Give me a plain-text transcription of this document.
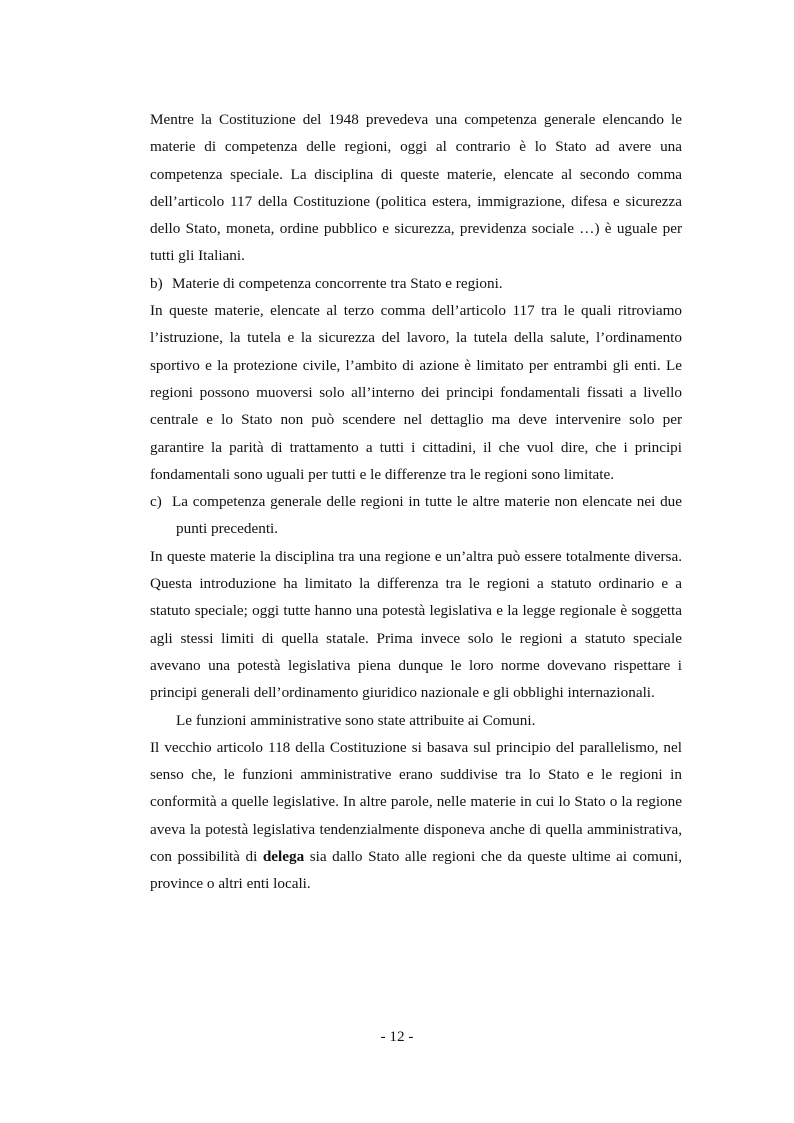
Mentre la Costituzione del 1948 prevedeva una competenza generale elencando le materie di competenza delle regioni, oggi al contrario è lo Stato ad avere una competenza speciale. La disciplina di queste materie, elencate al secondo comma dell’articolo 117 della Costituzione (politica estera, immigrazione, difesa e sicurezza dello Stato, moneta, ordine pubblico e sicurezza, previdenza sociale …) è uguale per tutti gli Italiani.

b) Materie di competenza concorrente tra Stato e regioni.

In queste materie, elencate al terzo comma dell’articolo 117 tra le quali ritroviamo l’istruzione, la tutela e la sicurezza del lavoro, la tutela della salute, l’ordinamento sportivo e la protezione civile, l’ambito di azione è limitato per entrambi gli enti. Le regioni possono muoversi solo all’interno dei principi fondamentali fissati a livello centrale e lo Stato non può scendere nel dettaglio ma deve intervenire solo per garantire la parità di trattamento a tutti i cittadini, il che vuol dire, che i principi fondamentali sono uguali per tutti e le differenze tra le regioni sono limitate.

c) La competenza generale delle regioni in tutte le altre materie non elencate nei due punti precedenti.

In queste materie la disciplina tra una regione e un’altra può essere totalmente diversa. Questa introduzione ha limitato la differenza tra le regioni a statuto ordinario e a statuto speciale; oggi tutte hanno una potestà legislativa e la legge regionale è soggetta agli stessi limiti di quella statale. Prima invece solo le regioni a statuto speciale avevano una potestà legislativa piena dunque le loro norme dovevano rispettare i principi generali dell’ordinamento giuridico nazionale e gli obblighi internazionali.

Le funzioni amministrative sono state attribuite ai Comuni.

Il vecchio articolo 118 della Costituzione si basava sul principio del parallelismo, nel senso che, le funzioni amministrative erano suddivise tra lo Stato e le regioni in conformità a quelle legislative. In altre parole, nelle materie in cui lo Stato o la regione aveva la potestà legislativa tendenzialmente disponeva anche di quella amministrativa, con possibilità di delega sia dallo Stato alle regioni che da queste ultime ai comuni, province o altri enti locali.

- 12 -
